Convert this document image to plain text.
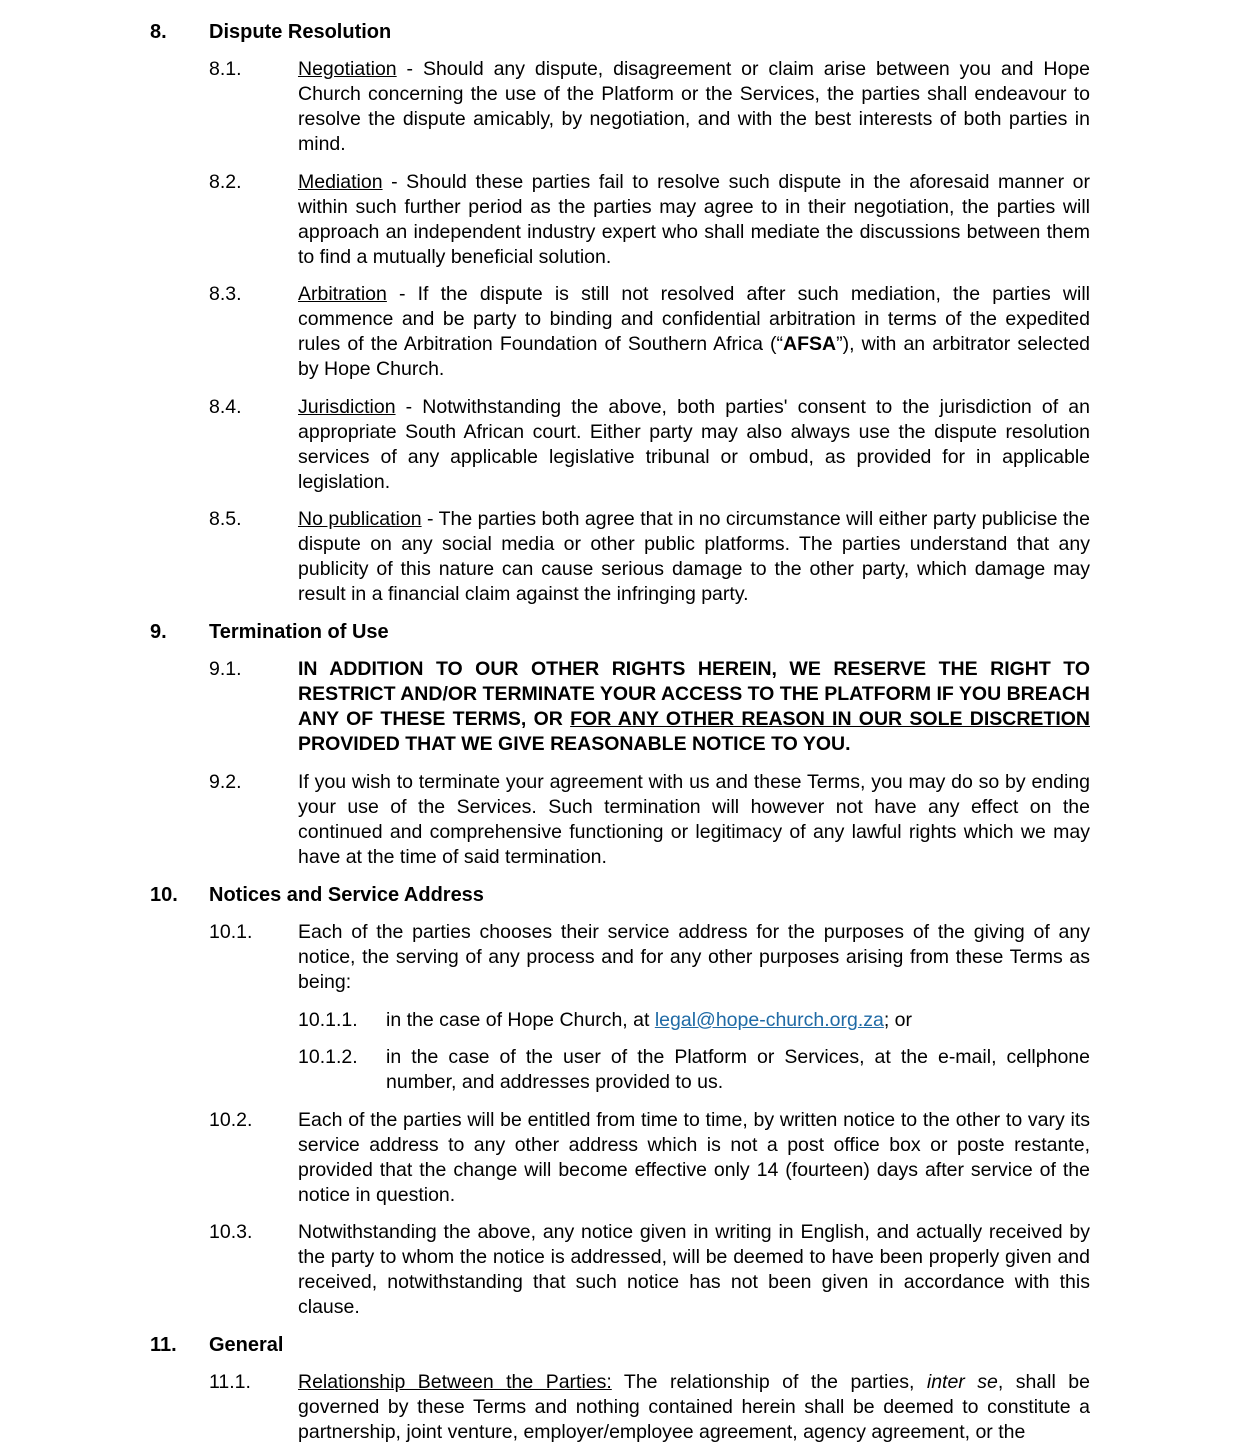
8. Dispute Resolution
8.1.	Negotiation - Should any dispute, disagreement or claim arise between you and Hope Church concerning the use of the Platform or the Services, the parties shall endeavour to resolve the dispute amicably, by negotiation, and with the best interests of both parties in mind.
8.2.	Mediation - Should these parties fail to resolve such dispute in the aforesaid manner or within such further period as the parties may agree to in their negotiation, the parties will approach an independent industry expert who shall mediate the discussions between them to find a mutually beneficial solution.
8.3.	Arbitration - If the dispute is still not resolved after such mediation, the parties will commence and be party to binding and confidential arbitration in terms of the expedited rules of the Arbitration Foundation of Southern Africa (“AFSA”), with an arbitrator selected by Hope Church.
8.4.	Jurisdiction - Notwithstanding the above, both parties' consent to the jurisdiction of an appropriate South African court. Either party may also always use the dispute resolution services of any applicable legislative tribunal or ombud, as provided for in applicable legislation.
8.5.	No publication - The parties both agree that in no circumstance will either party publicise the dispute on any social media or other public platforms. The parties understand that any publicity of this nature can cause serious damage to the other party, which damage may result in a financial claim against the infringing party.
9. Termination of Use
9.1.	IN ADDITION TO OUR OTHER RIGHTS HEREIN, WE RESERVE THE RIGHT TO RESTRICT AND/OR TERMINATE YOUR ACCESS TO THE PLATFORM IF YOU BREACH ANY OF THESE TERMS, OR FOR ANY OTHER REASON IN OUR SOLE DISCRETION PROVIDED THAT WE GIVE REASONABLE NOTICE TO YOU.
9.2.	If you wish to terminate your agreement with us and these Terms, you may do so by ending your use of the Services. Such termination will however not have any effect on the continued and comprehensive functioning or legitimacy of any lawful rights which we may have at the time of said termination.
10. Notices and Service Address
10.1. Each of the parties chooses their service address for the purposes of the giving of any notice, the serving of any process and for any other purposes arising from these Terms as being:
10.1.1. in the case of Hope Church, at legal@hope-church.org.za; or
10.1.2. in the case of the user of the Platform or Services, at the e-mail, cellphone number, and addresses provided to us.
10.2. Each of the parties will be entitled from time to time, by written notice to the other to vary its service address to any other address which is not a post office box or poste restante, provided that the change will become effective only 14 (fourteen) days after service of the notice in question.
10.3. Notwithstanding the above, any notice given in writing in English, and actually received by the party to whom the notice is addressed, will be deemed to have been properly given and received, notwithstanding that such notice has not been given in accordance with this clause.
11. General
11.1. Relationship Between the Parties: The relationship of the parties, inter se, shall be governed by these Terms and nothing contained herein shall be deemed to constitute a partnership, joint venture, employer/employee agreement, agency agreement, or the
